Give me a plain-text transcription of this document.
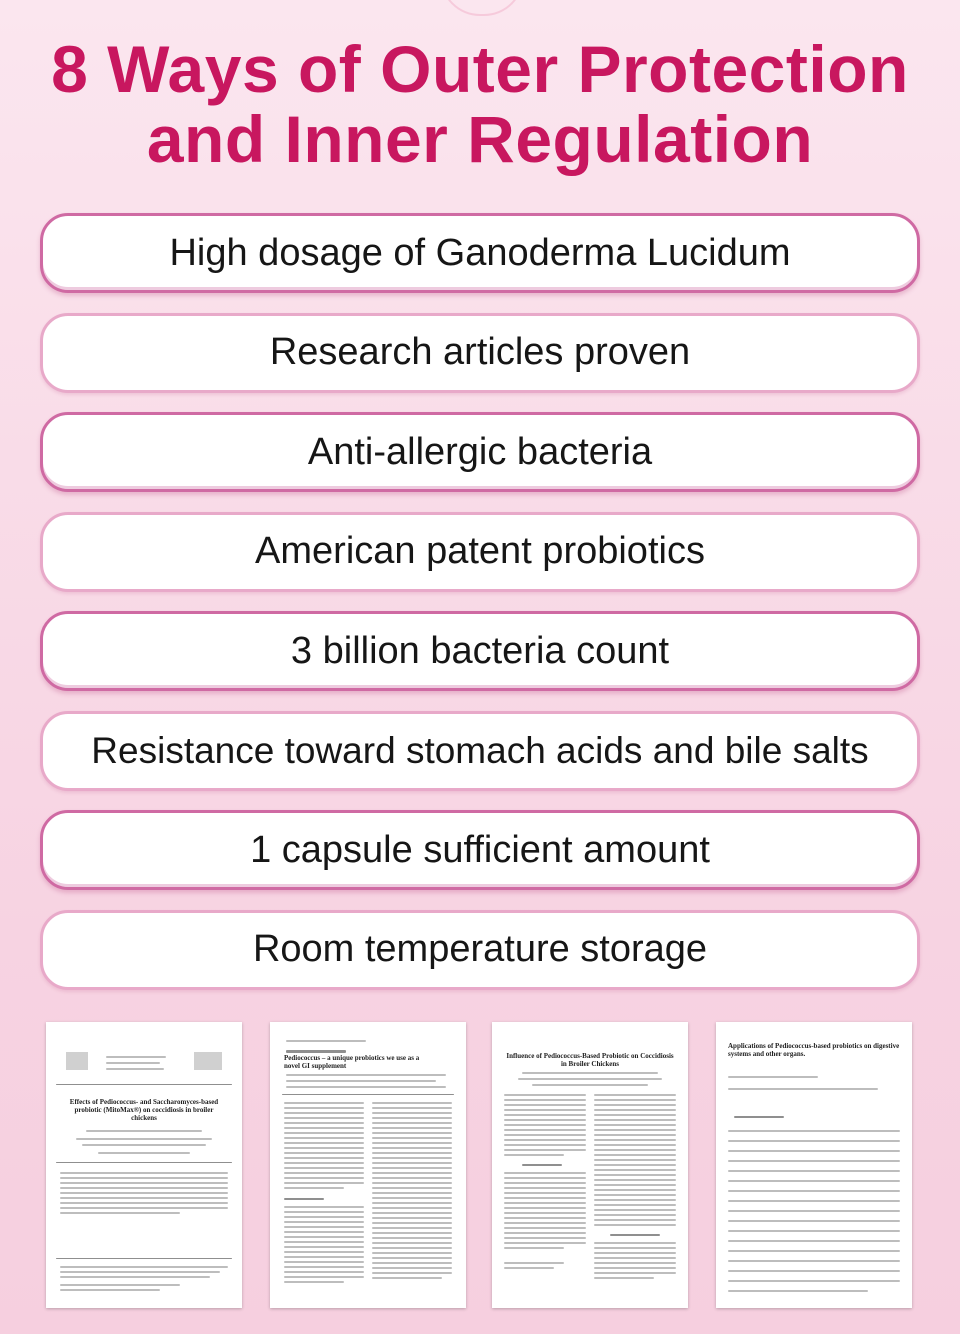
8 Ways of Outer Protection
and Inner Regulation
High dosage of Ganoderma Lucidum
Research articles proven
Anti-allergic bacteria
American patent probiotics
3 billion bacteria count
Resistance toward stomach acids and bile salts
1 capsule sufficient amount
Room temperature storage
Effects of Pediococcus- and Saccharomyces-based probiotic (MitoMax®) on coccidiosis in broiler chickens
Pediococcus – a unique probiotics we use as a novel GI supplement
Influence of Pediococcus-Based Probiotic on Coccidiosis in Broiler Chickens
Applications of Pediococcus-based probiotics on digestive systems and other organs.
